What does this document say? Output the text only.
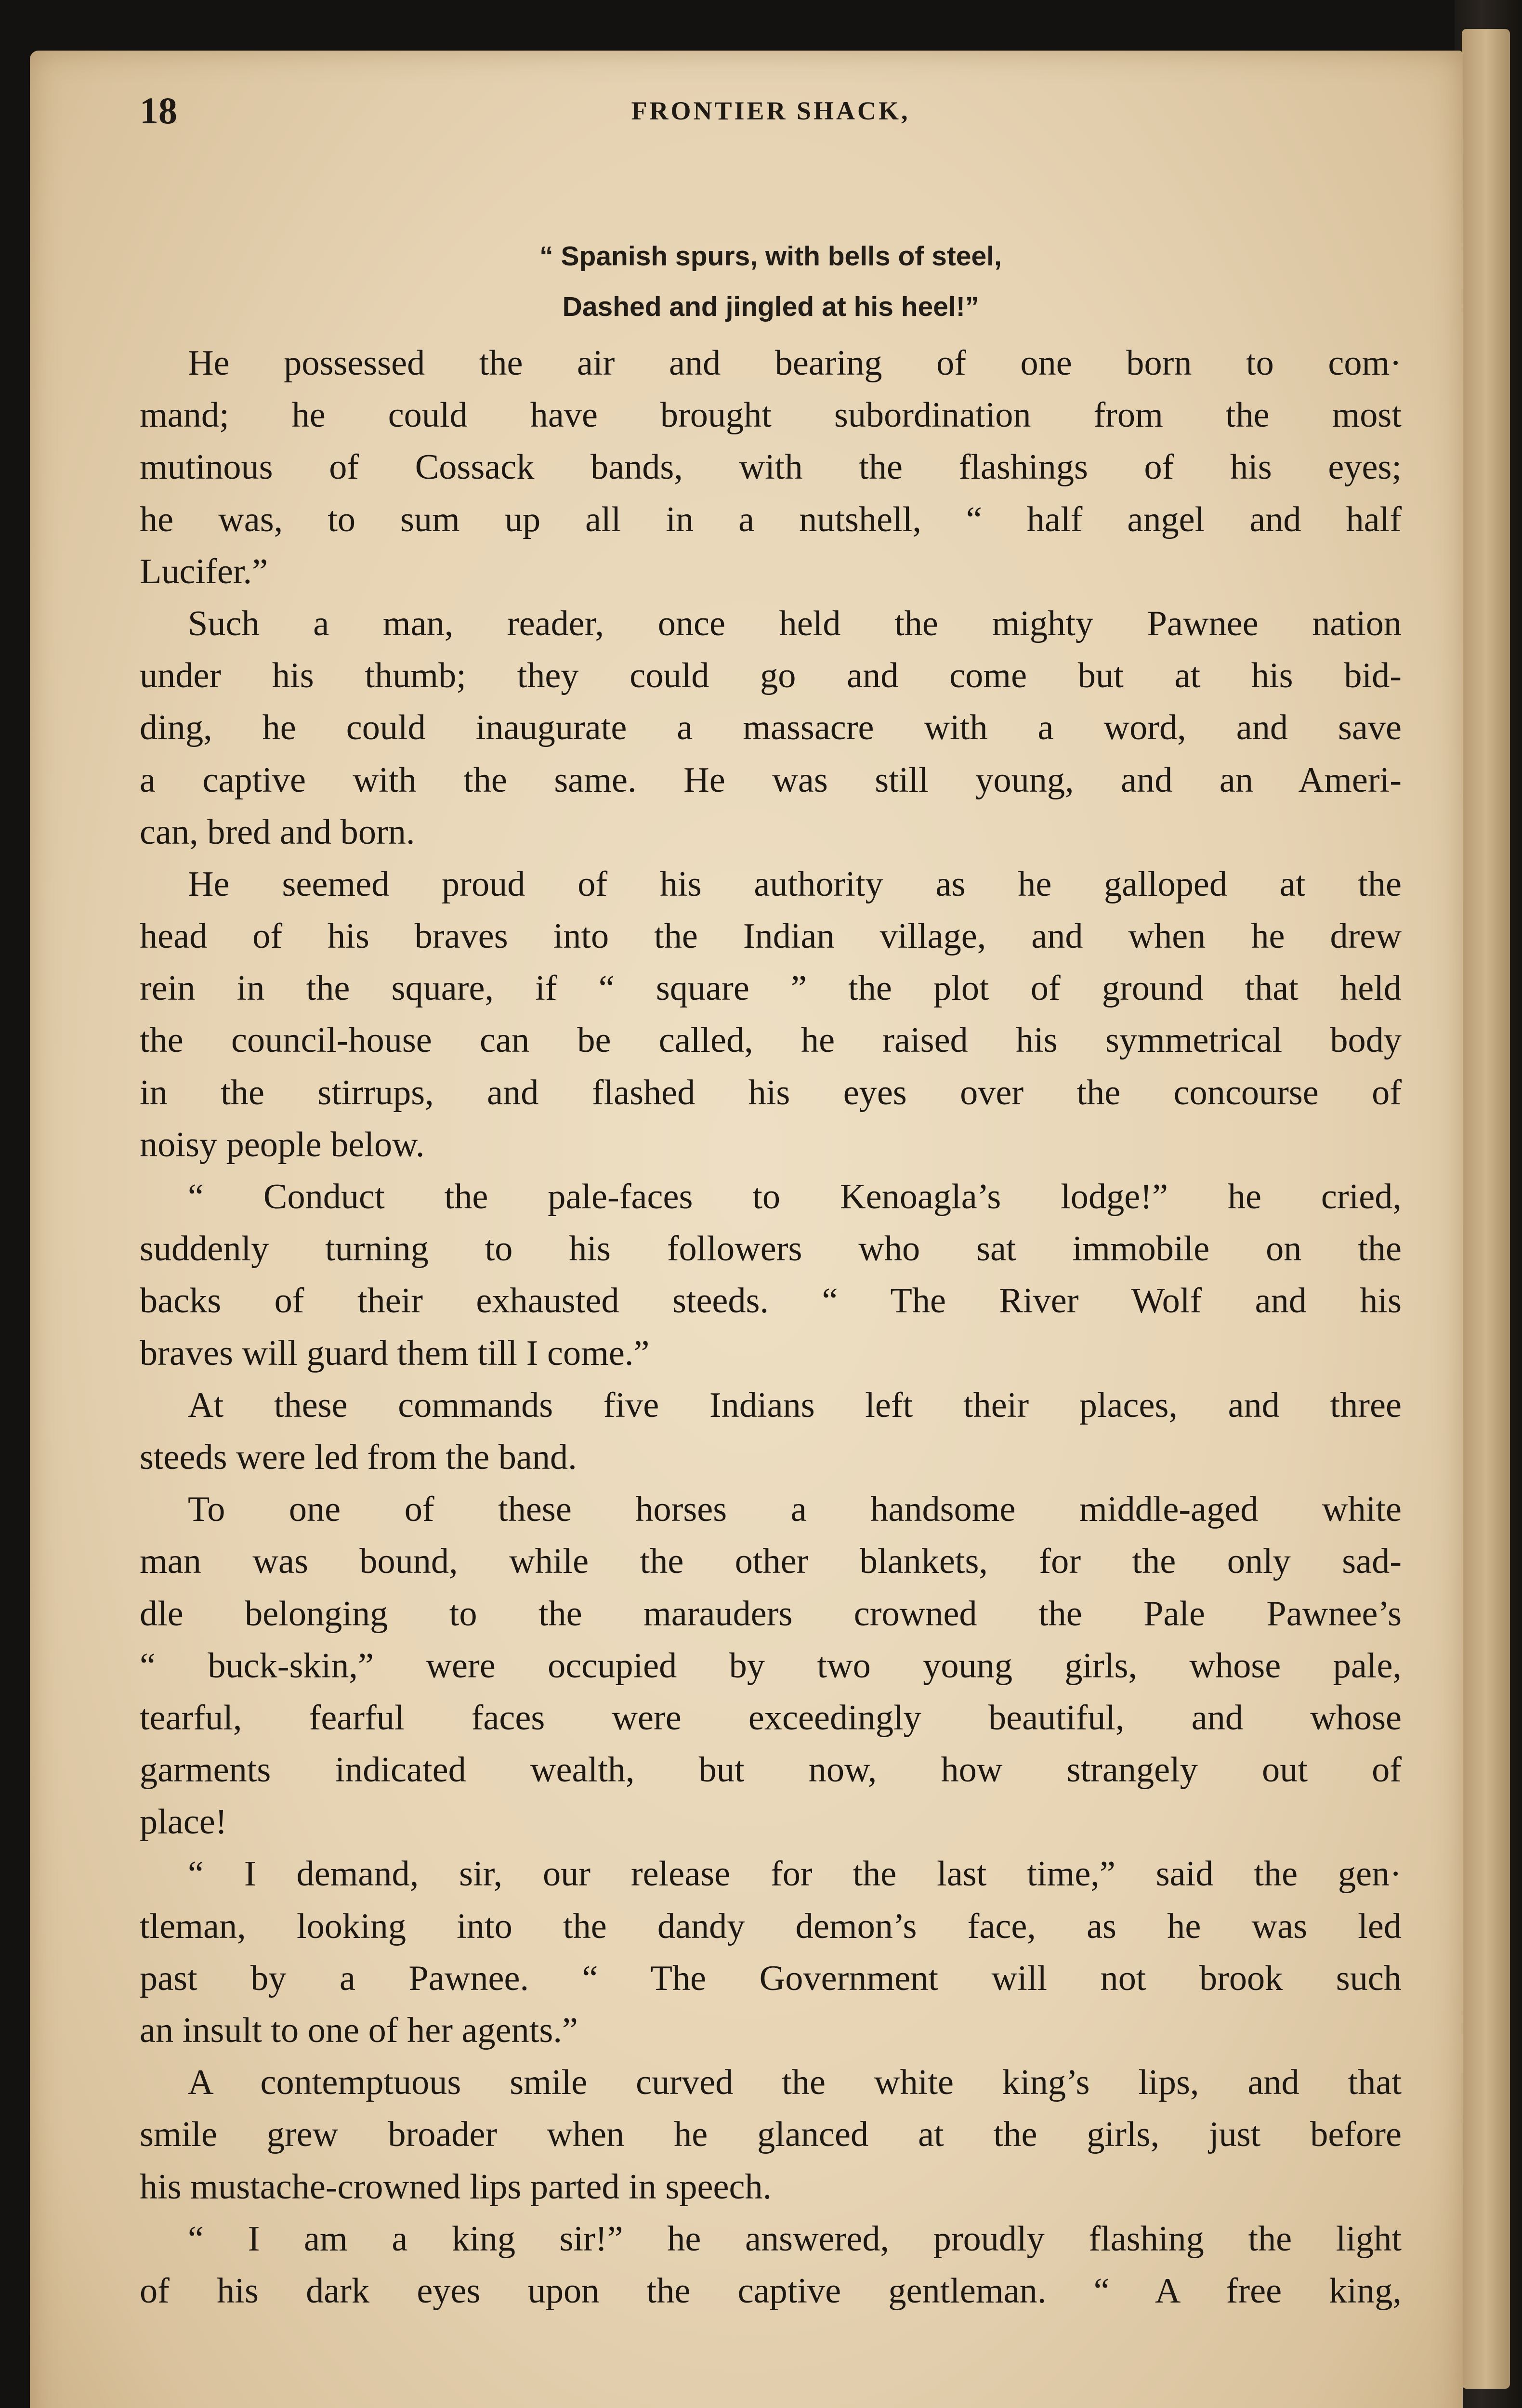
18	FRONTIER SHACK,
“ Spanish spurs, with bells of steel,
Dashed and jingled at his heel!”
He possessed the air and bearing of one born to com·
mand; he could have brought subordination from the most
mutinous of Cossack bands, with the flashings of his eyes;
he was, to sum up all in a nutshell, “ half angel and half
Lucifer.”
Such a man, reader, once held the mighty Pawnee nation
under his thumb; they could go and come but at his bid-
ding, he could inaugurate a massacre with a word, and save
a captive with the same. He was still young, and an Ameri-
can, bred and born.
He seemed proud of his authority as he galloped at the
head of his braves into the Indian village, and when he drew
rein in the square, if “ square ” the plot of ground that held
the council-house can be called, he raised his symmetrical body
in the stirrups, and flashed his eyes over the concourse of
noisy people below.
“ Conduct the pale-faces to Kenoagla’s lodge!” he cried,
suddenly turning to his followers who sat immobile on the
backs of their exhausted steeds. “ The River Wolf and his
braves will guard them till I come.”
At these commands five Indians left their places, and three
steeds were led from the band.
To one of these horses a handsome middle-aged white
man was bound, while the other blankets, for the only sad-
dle belonging to the marauders crowned the Pale Pawnee’s
“ buck-skin,” were occupied by two young girls, whose pale,
tearful, fearful faces were exceedingly beautiful, and whose
garments indicated wealth, but now, how strangely out of
place!
“ I demand, sir, our release for the last time,” said the gen·
tleman, looking into the dandy demon’s face, as he was led
past by a Pawnee. “ The Government will not brook such
an insult to one of her agents.”
A contemptuous smile curved the white king’s lips, and that
smile grew broader when he glanced at the girls, just before
his mustache-crowned lips parted in speech.
“ I am a king sir!” he answered, proudly flashing the light
of his dark eyes upon the captive gentleman. “ A free king,
